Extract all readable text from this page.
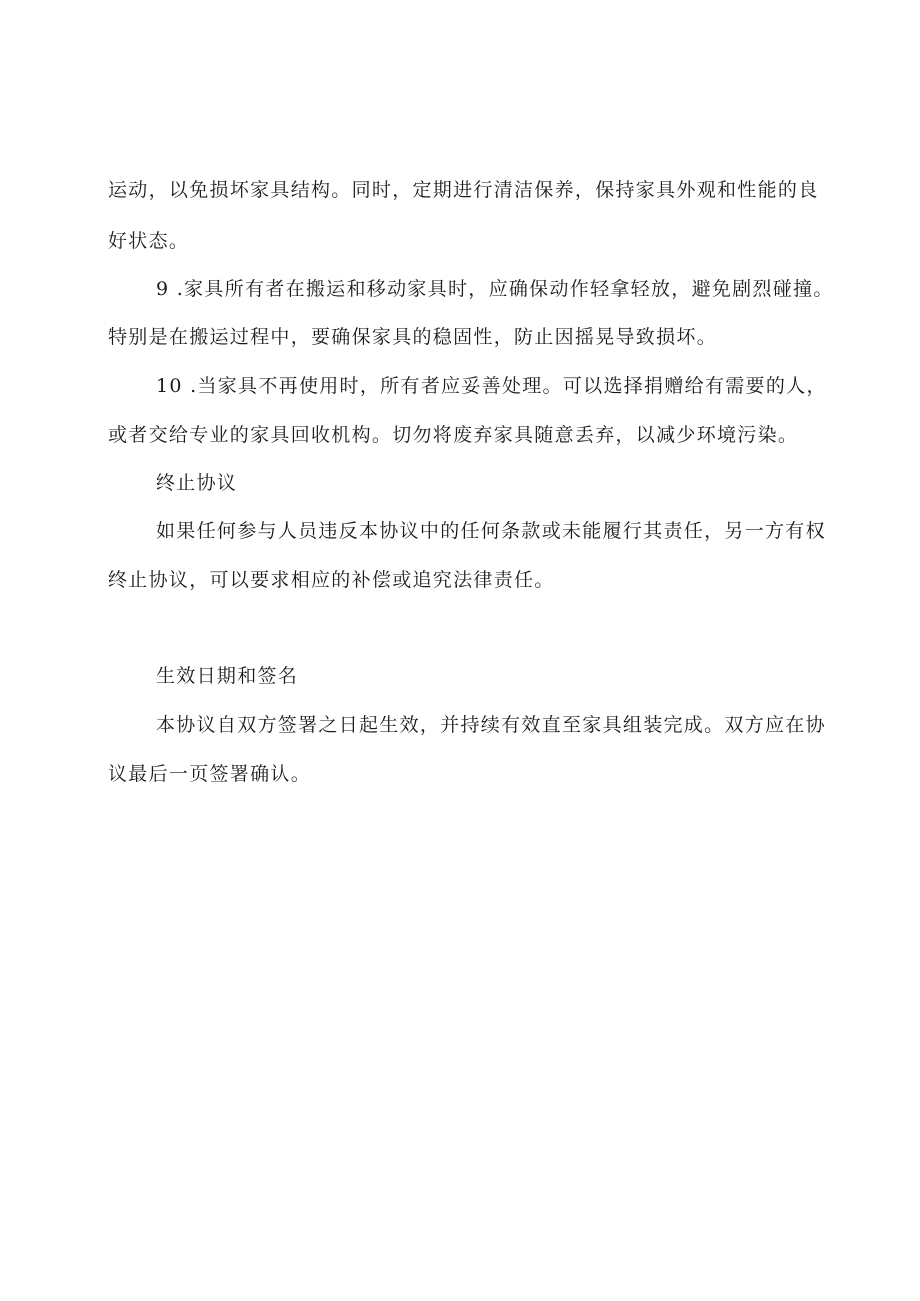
运动，以免损坏家具结构。同时，定期进行清洁保养，保持家具外观和性能的良
好状态。
9 .家具所有者在搬运和移动家具时，应确保动作轻拿轻放，避免剧烈碰撞。
特别是在搬运过程中，要确保家具的稳固性，防止因摇晃导致损坏。
10 .当家具不再使用时，所有者应妥善处理。可以选择捐赠给有需要的人，
或者交给专业的家具回收机构。切勿将废弃家具随意丢弃，以减少环境污染。
终止协议
如果任何参与人员违反本协议中的任何条款或未能履行其责任，另一方有权
终止协议，可以要求相应的补偿或追究法律责任。
生效日期和签名
本协议自双方签署之日起生效，并持续有效直至家具组装完成。双方应在协
议最后一页签署确认。
